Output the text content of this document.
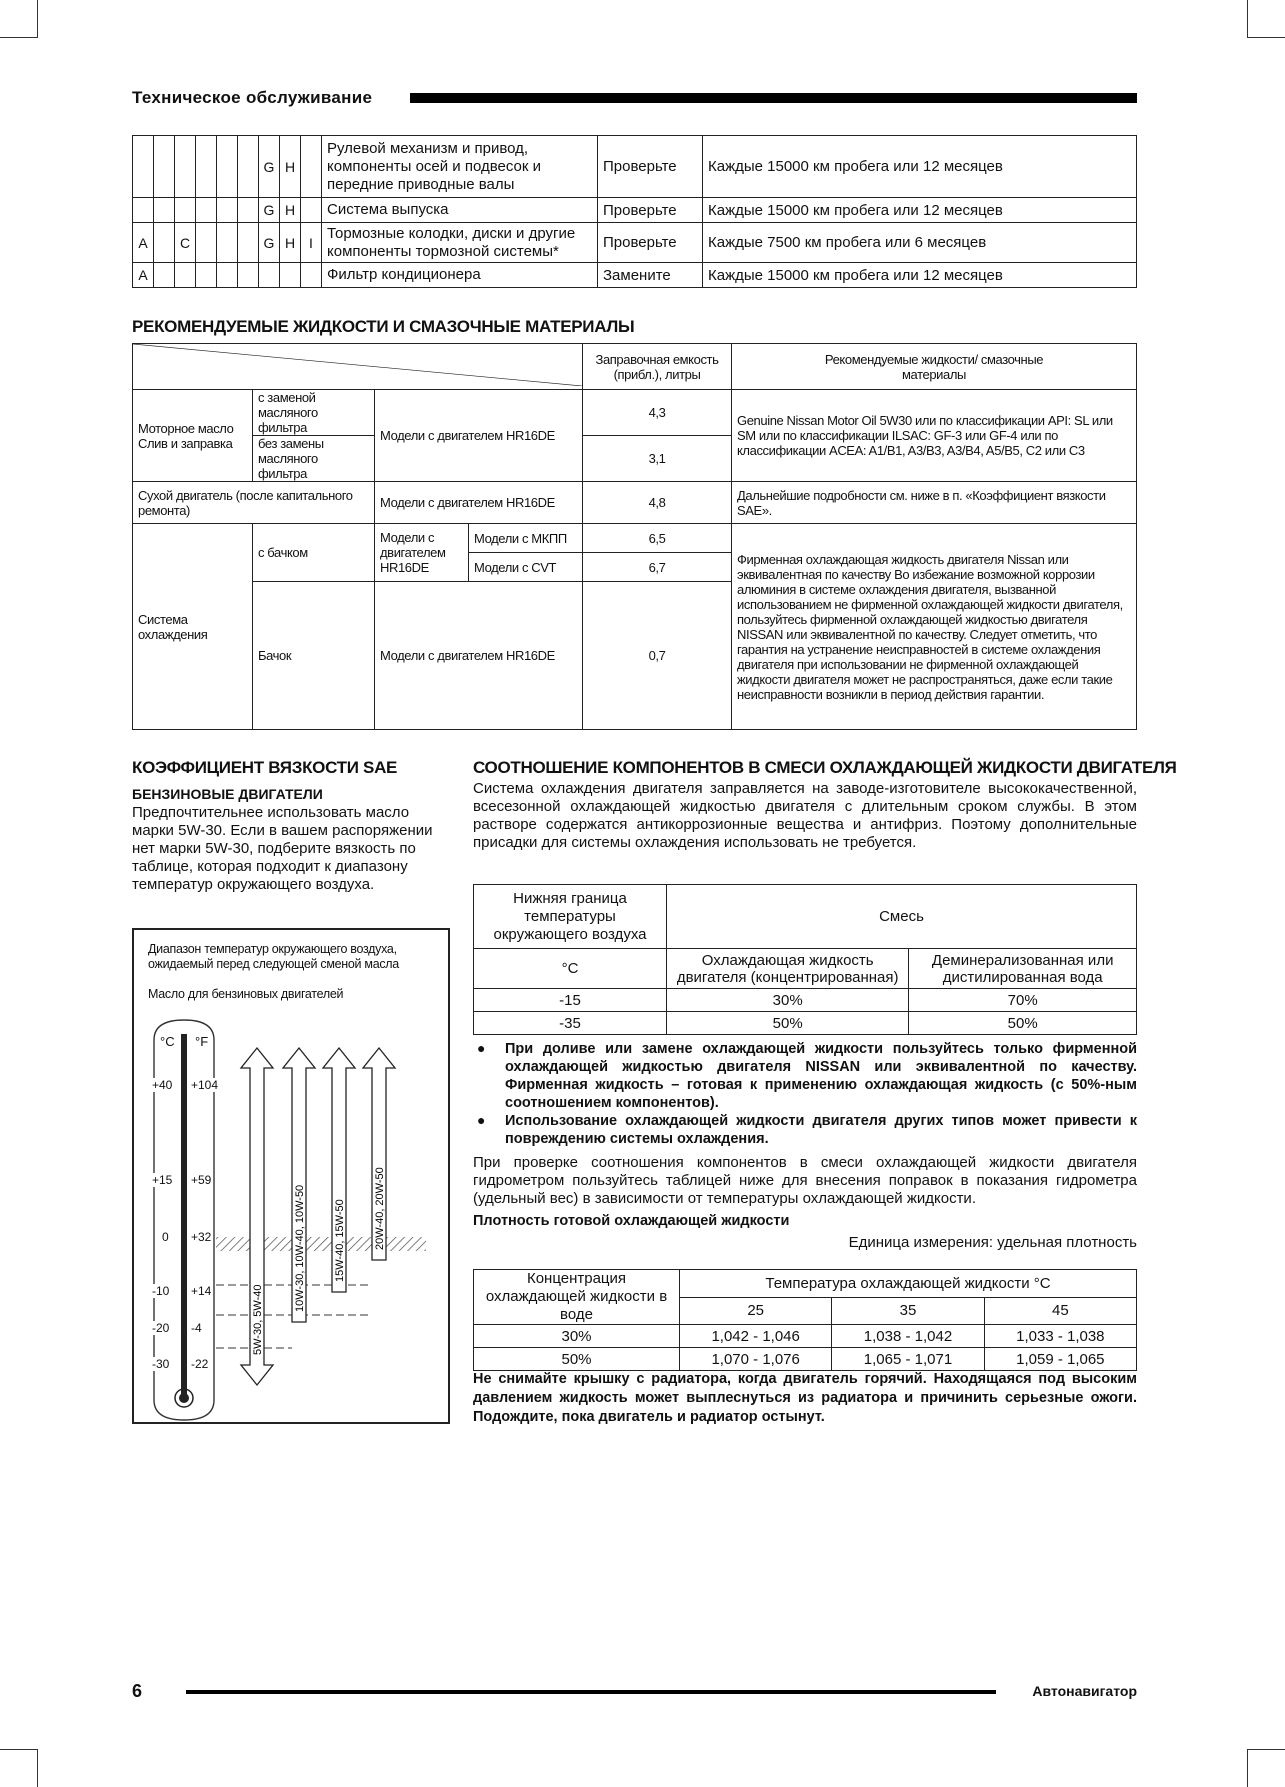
Техническое обслуживание
						G	H		Рулевой механизм и привод, компоненты осей и подвесок и передние приводные валы	Проверьте	Каждые 15000 км пробега или 12 месяцев
						G	H		Система выпуска	Проверьте	Каждые 15000 км пробега или 12 месяцев
A		C				G	H	I	Тормозные колодки, диски и другие компоненты тормозной системы*	Проверьте	Каждые 7500 км пробега или 6 месяцев
A									Фильтр кондиционера	Замените	Каждые 15000 км пробега или 12 месяцев
РЕКОМЕНДУЕМЫЕ ЖИДКОСТИ И СМАЗОЧНЫЕ МАТЕРИАЛЫ
	Заправочная емкость (прибл.), литры	Рекомендуемые жидкости/ смазочные материалы
Моторное масло Слив и заправка	с заменой масляного фильтра	Модели с двигателем HR16DE		4,3	Genuine Nissan Motor Oil 5W30 или по классификации API: SL или SM или по классификации ILSAC: GF-3 или GF-4 или по классификации ACEA: A1/B1, A3/B3, A3/B4, A5/B5, C2 или C3
	без замены масляного фильтра			3,1	
Сухой двигатель (после капитального ремонта)		Модели с двигателем HR16DE		4,8	Дальнейшие подробности см. ниже в п. «Коэффициент вязкости SAE».
Система охлаждения	с бачком	Модели с двигателем HR16DE	Модели с МКПП	6,5	Фирменная охлаждающая жидкость двигателя Nissan или эквивалентная по качеству Во избежание возможной коррозии алюминия в системе охлаждения двигателя, вызванной использованием не фирменной охлаждающей жидкости двигателя, пользуйтесь фирменной охлаждающей жидкостью двигателя NISSAN или эквивалентной по качеству. Следует отметить, что гарантия на устранение неисправностей в системе охлаждения двигателя при использовании не фирменной охлаждающей жидкости двигателя может не распространяться, даже если такие неисправности возникли в период действия гарантии.
			Модели с CVT	6,7	
	Бачок	Модели с двигателем HR16DE		0,7	
КОЭФФИЦИЕНТ ВЯЗКОСТИ SAE
БЕНЗИНОВЫЕ ДВИГАТЕЛИ
Предпочтительнее использовать масло марки 5W-30. Если в вашем распоряжении нет марки 5W-30, подберите вязкость по таблице, которая подходит к диапазону температур окружающего воздуха.
Диапазон температур окружающего воздуха, ожидаемый перед следующей сменой масла
Масло для бензиновых двигателей
5W-30, 5W-40
10W-30, 10W-40, 10W-50	15W-40, 15W-50	20W-40, 20W-50
°C °F
+40 +104
+15 +59
0 +32
-10 +14
-20 -4
-30 -22
СООТНОШЕНИЕ КОМПОНЕНТОВ В СМЕСИ ОХЛАЖДАЮЩЕЙ ЖИДКОСТИ ДВИГАТЕЛЯ
Система охлаждения двигателя заправляется на заводе-изготовителе высококачественной, всесезонной охлаждающей жидкостью двигателя с длительным сроком службы. В этом растворе содержатся антикоррозионные вещества и антифриз. Поэтому дополнительные присадки для системы охлаждения использовать не требуется.
Нижняя граница температуры окружающего воздуха	Смесь	
°C	Охлаждающая жидкость двигателя (концентрированная)	Деминерализованная или дистилированная вода
-15	30%	70%
-35	50%	50%
● При доливе или замене охлаждающей жидкости пользуйтесь только фирменной охлаждающей жидкостью двигателя NISSAN или эквивалентной по качеству. Фирменная жидкость – готовая к применению охлаждающая жидкость (с 50%-ным соотношением компонентов).
● Использование охлаждающей жидкости двигателя других типов может привести к повреждению системы охлаждения.
При проверке соотношения компонентов в смеси охлаждающей жидкости двигателя гидрометром пользуйтесь таблицей ниже для внесения поправок в показания гидрометра (удельный вес) в зависимости от температуры охлаждающей жидкости.
Плотность готовой охлаждающей жидкости
Единица измерения: удельная плотность
Концентрация охлаждающей жидкости в воде	Температура охлаждающей жидкости °C		
	25	35	45
30%	1,042 - 1,046	1,038 - 1,042	1,033 - 1,038
50%	1,070 - 1,076	1,065 - 1,071	1,059 - 1,065
Не снимайте крышку с радиатора, когда двигатель горячий. Находящаяся под высоким давлением жидкость может выплеснуться из радиатора и причинить серьезные ожоги. Подождите, пока двигатель и радиатор остынут.
6	Автонавигатор
